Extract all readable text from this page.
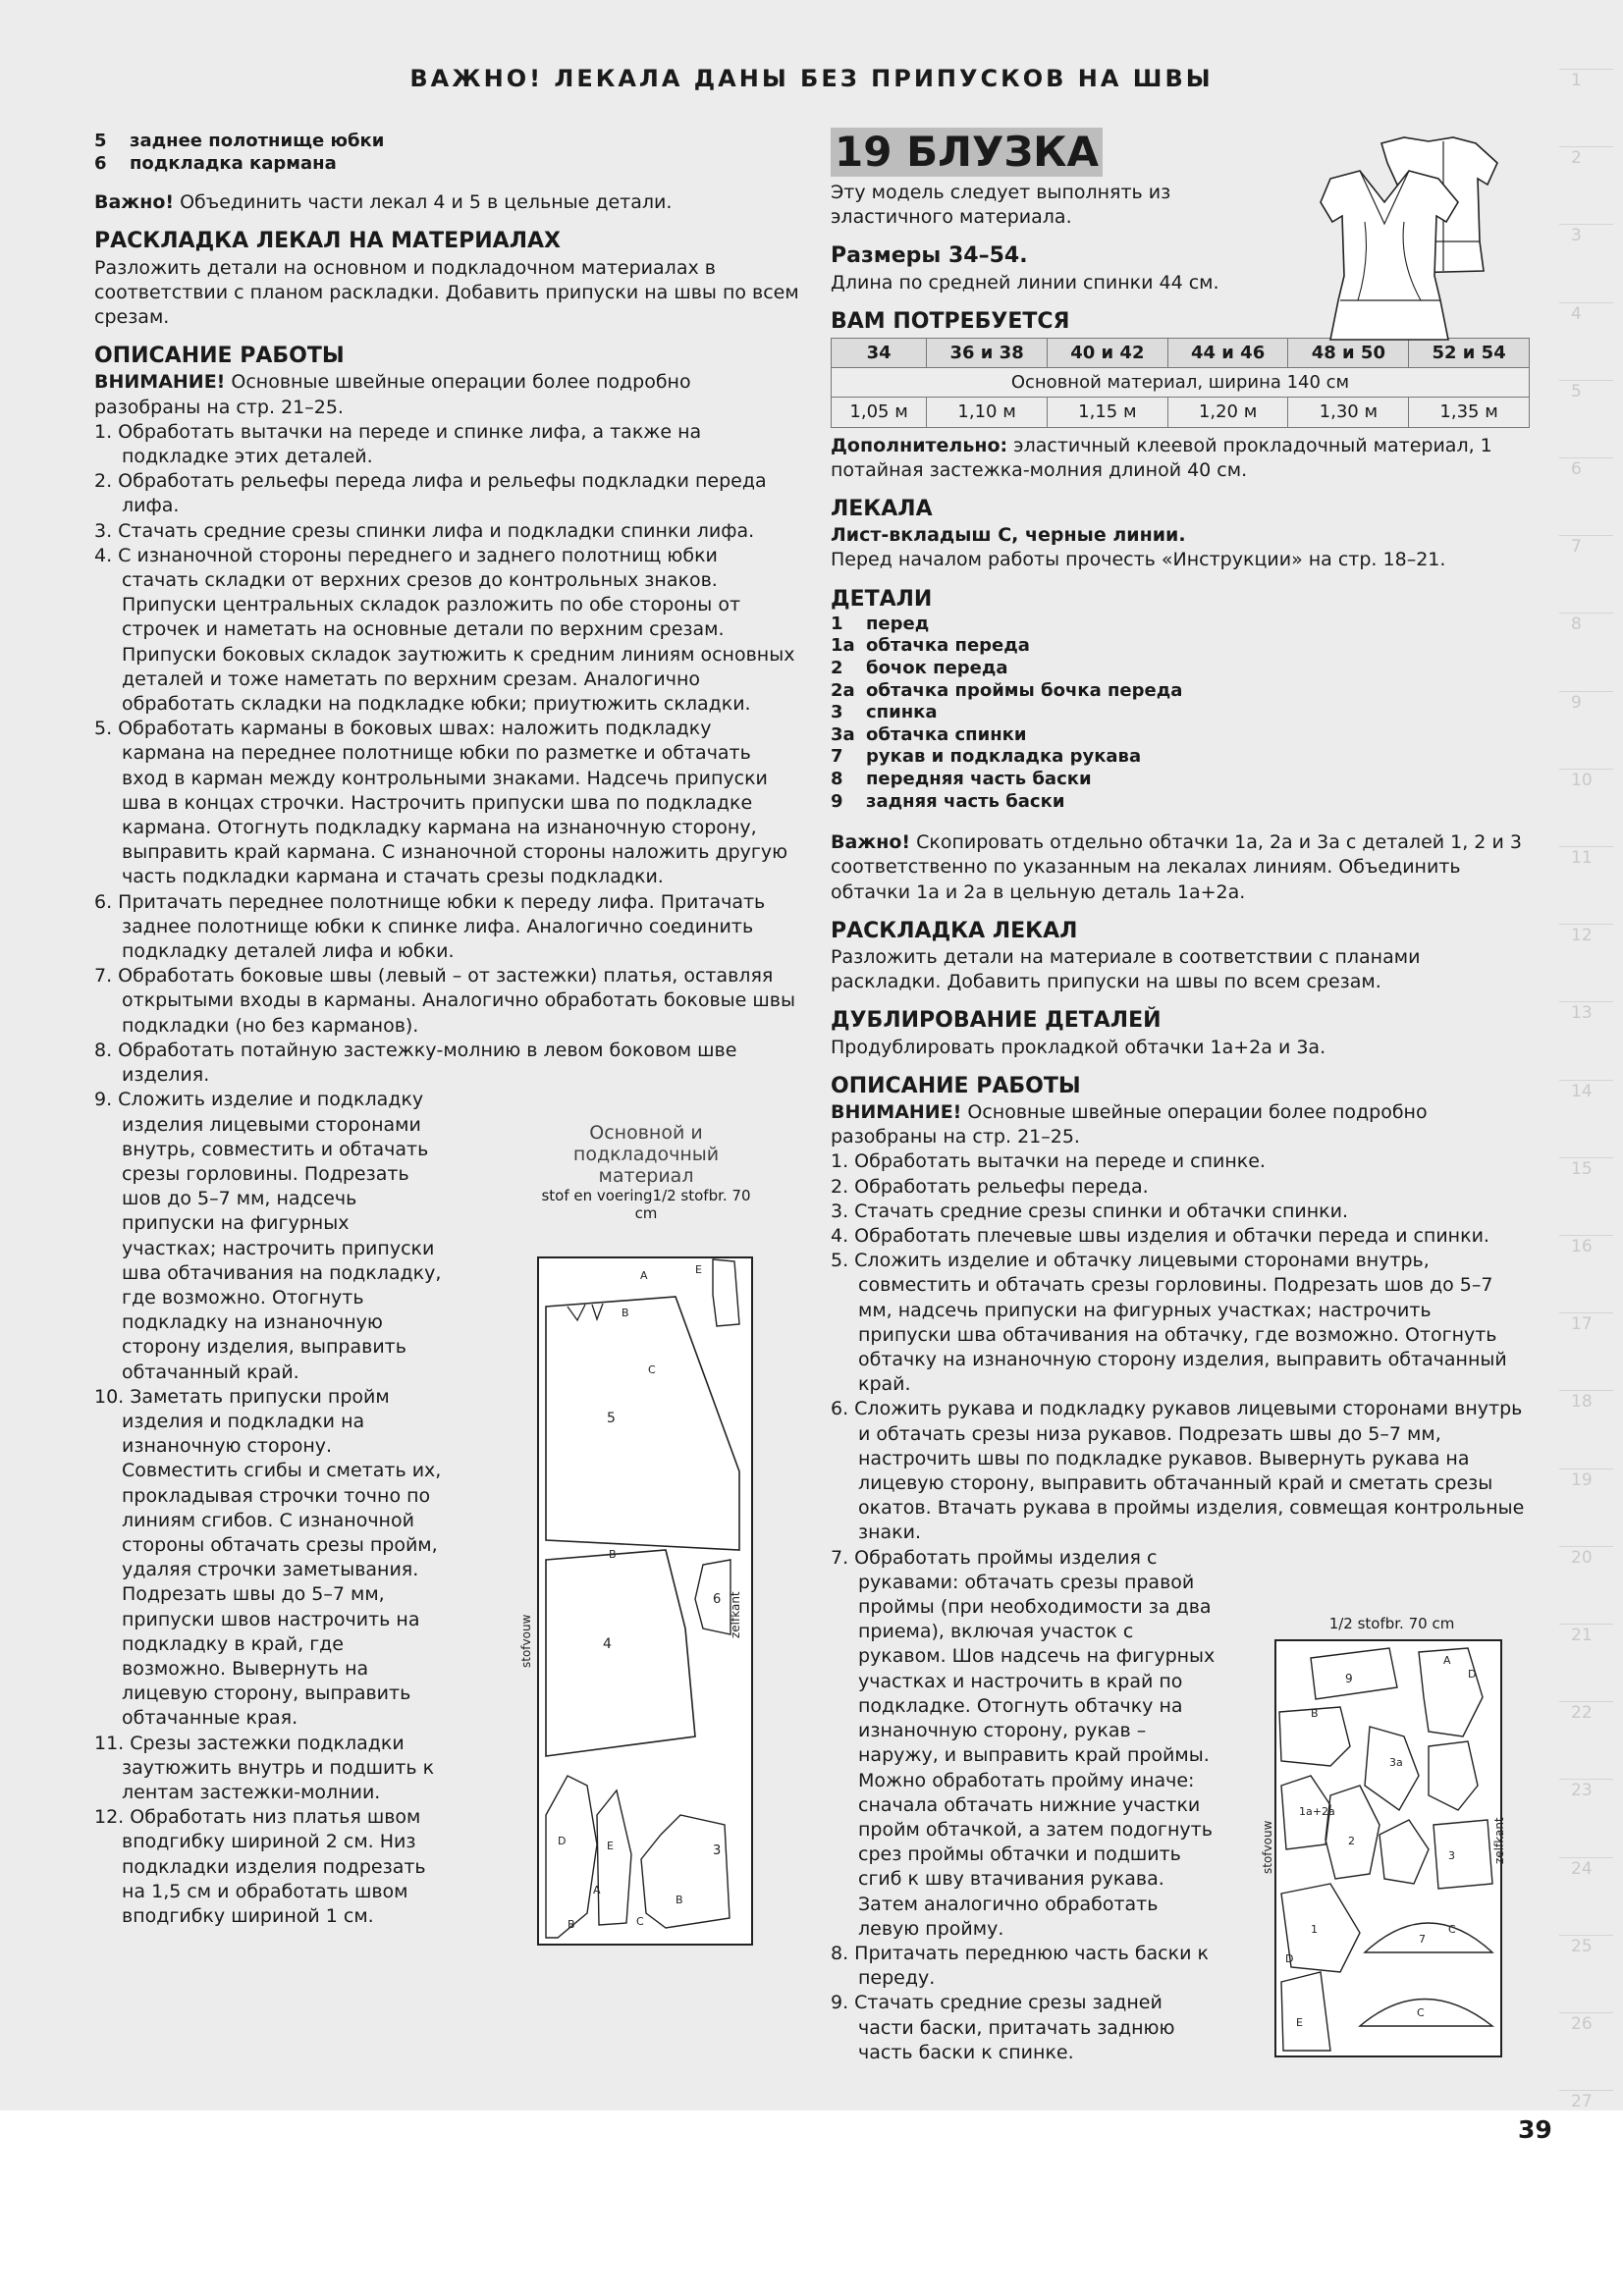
1
2
3
4
5
6
7
8
9
10
11
12
13
14
15
16
17
18
19
20
21
22
23
24
25
26
27
ВАЖНО! ЛЕКАЛА ДАНЫ БЕЗ ПРИПУСКОВ НА ШВЫ
5 заднее полотнище юбки
6 подкладка кармана
Важно! Объединить части лекал 4 и 5 в цельные детали.
РАСКЛАДКА ЛЕКАЛ НА МАТЕРИАЛАХ
Разложить детали на основном и подкладочном материалах в соответствии с планом раскладки. Добавить припуски на швы по всем срезам.
ОПИСАНИЕ РАБОТЫ
ВНИМАНИЕ! Основные швейные операции более подробно разобраны на стр. 21–25.
1. Обработать вытачки на переде и спинке лифа, а также на подкладке этих деталей.
2. Обработать рельефы переда лифа и рельефы подкладки переда лифа.
3. Стачать средние срезы спинки лифа и подкладки спинки лифа.
4. С изнаночной стороны переднего и заднего полотнищ юбки стачать складки от верхних срезов до контрольных знаков. Припуски центральных складок разложить по обе стороны от строчек и наметать на основные детали по верхним срезам. Припуски боковых складок заутюжить к средним линиям основных деталей и тоже наметать по верхним срезам. Аналогично обработать складки на подкладке юбки; приутюжить складки.
5. Обработать карманы в боковых швах: наложить подкладку кармана на переднее полотнище юбки по разметке и обтачать вход в карман между контрольными знаками. Надсечь припуски шва в концах строчки. Настрочить припуски шва по подкладке кармана. Отогнуть подкладку кармана на изнаночную сторону, выправить край кармана. С изнаночной стороны наложить другую часть подкладки кармана и стачать срезы подкладки.
6. Притачать переднее полотнище юбки к переду лифа. Притачать заднее полотнище юбки к спинке лифа. Аналогично соединить подкладку деталей лифа и юбки.
7. Обработать боковые швы (левый – от застежки) платья, оставляя открытыми входы в карманы. Аналогично обработать боковые швы подкладки (но без карманов).
8. Обработать потайную застежку-молнию в левом боковом шве изделия.
9. Сложить изделие и подкладку изделия лицевыми сторонами внутрь, совместить и обтачать срезы горловины. Подрезать шов до 5–7 мм, надсечь припуски на фигурных участках; настрочить припуски шва обтачивания на подкладку, где возможно. Отогнуть подкладку на изнаночную сторону изделия, выправить обтачанный край.
10. Заметать припуски пройм изделия и подкладки на изнаночную сторону. Совместить сгибы и сметать их, прокладывая строчки точно по линиям сгибов. С изнаночной стороны обтачать срезы пройм, удаляя строчки заметывания. Подрезать швы до 5–7 мм, припуски швов настрочить на подкладку в край, где возможно. Вывернуть на лицевую сторону, выправить обтачанные края.
11. Срезы застежки подкладки заутюжить внутрь и подшить к лентам застежки-молнии.
12. Обработать низ платья швом вподгибку шириной 2 см. Низ подкладки изделия подрезать на 1,5 см и обработать швом вподгибку шириной 1 см.
Основной и подкладочный материал
stof en voering1/2 stofbr. 70 cm
5
4
6
3
A	E
B
C
B
D	E
A
B	C
B
zelfkant
stofvouw
19 БЛУЗКА
Эту модель следует выполнять из эластичного материала.
Размеры 34–54.
Длина по средней линии спинки 44 см.
ВАМ ПОТРЕБУЕТСЯ
34	36 и 38	40 и 42	44 и 46	48 и 50	52 и 54
Основной материал, ширина 140 см					
1,05 м	1,10 м	1,15 м	1,20 м	1,30 м	1,35 м
Дополнительно: эластичный клеевой прокладочный материал, 1 потайная застежка-молния длиной 40 см.
ЛЕКАЛА
Лист-вкладыш С, черные линии.
Перед началом работы прочесть «Инструкции» на стр. 18–21.
ДЕТАЛИ
1 перед
1а обтачка переда
2 бочок переда
2а обтачка проймы бочка переда
3 спинка
3а обтачка спинки
7 рукав и подкладка рукава
8 передняя часть баски
9 задняя часть баски
Важно! Скопировать отдельно обтачки 1а, 2а и 3а с деталей 1, 2 и 3 соответственно по указанным на лекалах линиям. Объединить обтачки 1а и 2а в цельную деталь 1а+2а.
РАСКЛАДКА ЛЕКАЛ
Разложить детали на материале в соответствии с планами раскладки. Добавить припуски на швы по всем срезам.
ДУБЛИРОВАНИЕ ДЕТАЛЕЙ
Продублировать прокладкой обтачки 1а+2а и 3а.
ОПИСАНИЕ РАБОТЫ
ВНИМАНИЕ! Основные швейные операции более подробно разобраны на стр. 21–25.
1. Обработать вытачки на переде и спинке.
2. Обработать рельефы переда.
3. Стачать средние срезы спинки и обтачки спинки.
4. Обработать плечевые швы изделия и обтачки переда и спинки.
5. Сложить изделие и обтачку лицевыми сторонами внутрь, совместить и обтачать срезы горловины. Подрезать шов до 5–7 мм, надсечь припуски на фигурных участках; настрочить припуски шва обтачивания на обтачку, где возможно. Отогнуть обтачку на изнаночную сторону изделия, выправить обтачанный край.
6. Сложить рукава и подкладку рукавов лицевыми сторонами внутрь и обтачать срезы низа рукавов. Подрезать швы до 5–7 мм, настрочить швы по подкладке рукавов. Вывернуть рукава на лицевую сторону, выправить обтачанный край и сметать срезы окатов. Втачать рукава в проймы изделия, совмещая контрольные знаки.
7. Обработать проймы изделия с рукавами: обтачать срезы правой проймы (при необходимости за два приема), включая участок с рукавом. Шов надсечь на фигурных участках и настрочить в край по подкладке. Отогнуть обтачку на изнаночную сторону, рукав – наружу, и выправить край проймы. Можно обработать пройму иначе: сначала обтачать нижние участки пройм обтачкой, а затем подогнуть срез проймы обтачки и подшить сгиб к шву втачивания рукава. Затем аналогично обработать левую пройму.
8. Притачать переднюю часть баски к переду.
9. Стачать средние срезы задней части баски, притачать заднюю часть баски к спинке.
1/2 stofbr. 70 cm
9	D
A
3a
1a+2a
2
3
1
7
C
C
B
E
D
zelfkant
stofvouw
39
